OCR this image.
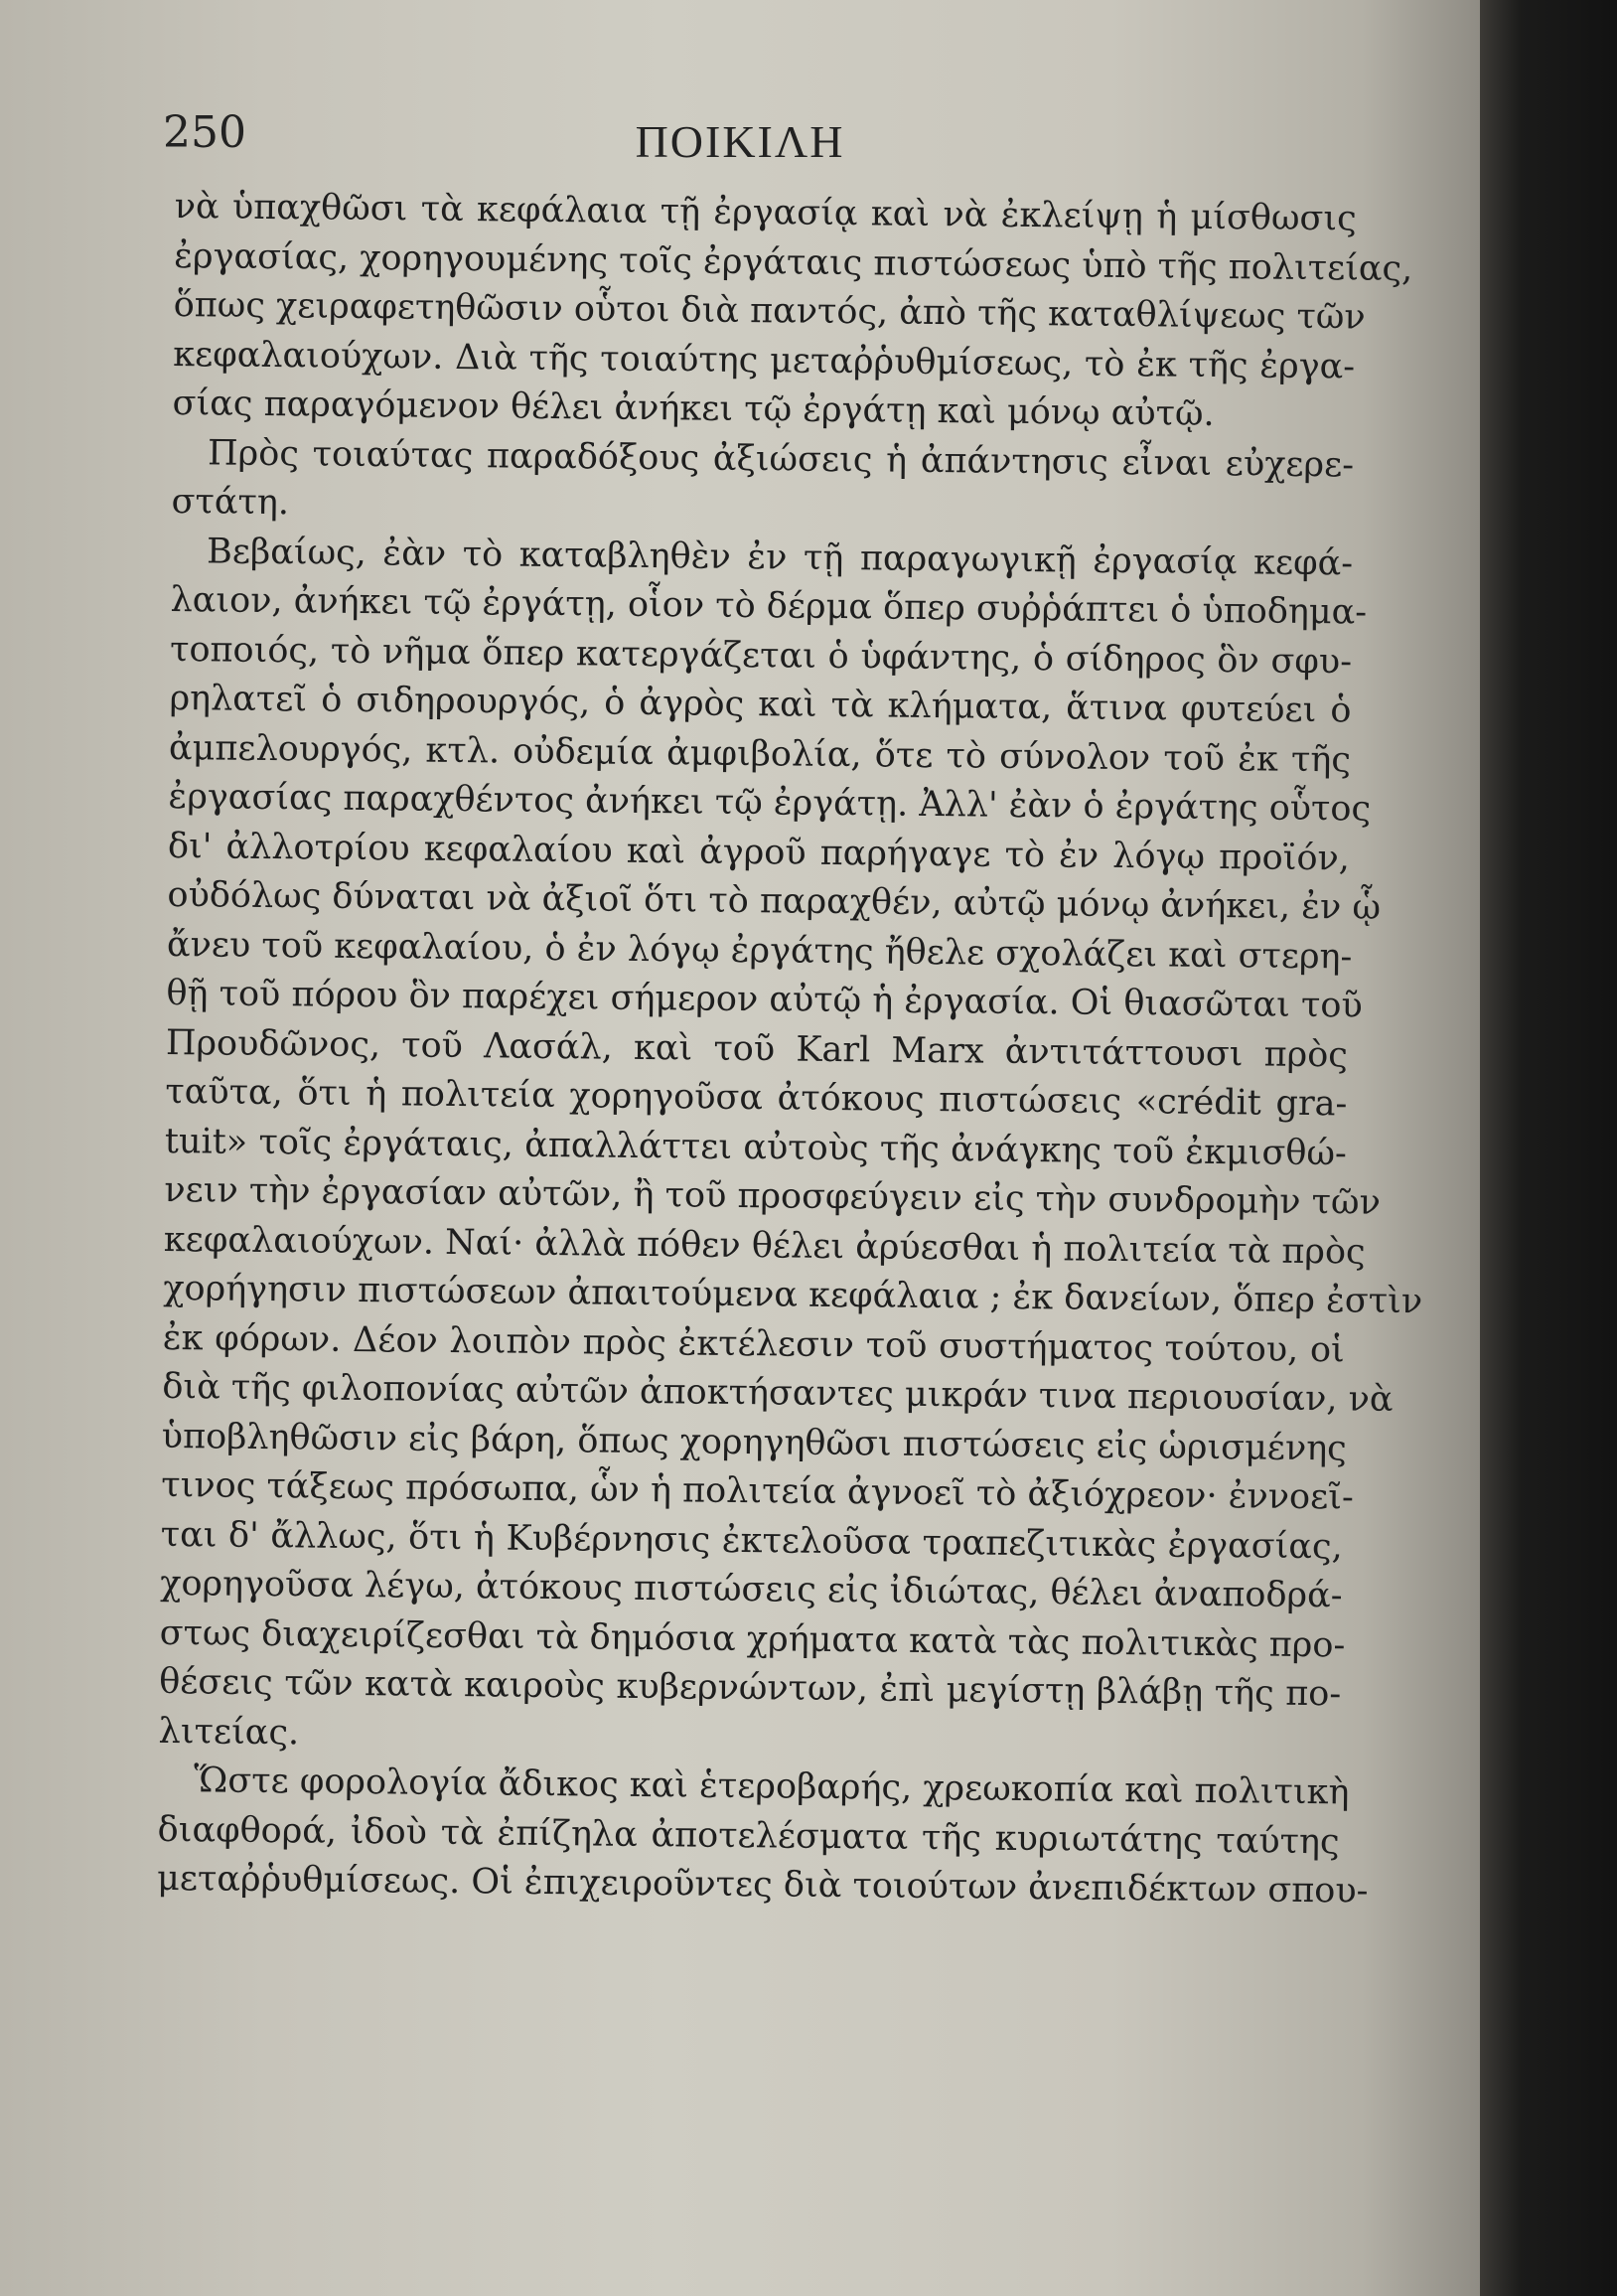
250	ΠΟΙΚΙΛΗ
νὰ ὑπαχθῶσι τὰ κεφάλαια τῇ ἐργασίᾳ καὶ νὰ ἐκλείψῃ ἡ μίσθωσις
ἐργασίας, χορηγουμένης τοῖς ἐργάταις πιστώσεως ὑπὸ τῆς πολιτείας,
ὅπως χειραφετηθῶσιν οὗτοι διὰ παντός, ἀπὸ τῆς καταθλίψεως τῶν
κεφαλαιούχων. Διὰ τῆς τοιαύτης μεταῤῥυθμίσεως, τὸ ἐκ τῆς ἐργα-
σίας παραγόμενον θέλει ἀνήκει τῷ ἐργάτῃ καὶ μόνῳ αὐτῷ.
Πρὸς τοιαύτας παραδόξους ἀξιώσεις ἡ ἀπάντησις εἶναι εὐχερε-
στάτη.
Βεβαίως, ἐὰν τὸ καταβληθὲν ἐν τῇ παραγωγικῇ ἐργασίᾳ κεφά-
λαιον, ἀνήκει τῷ ἐργάτῃ, οἷον τὸ δέρμα ὅπερ συῤῥάπτει ὁ ὑποδημα-
τοποιός, τὸ νῆμα ὅπερ κατεργάζεται ὁ ὑφάντης, ὁ σίδηρος ὃν σφυ-
ρηλατεῖ ὁ σιδηρουργός, ὁ ἀγρὸς καὶ τὰ κλήματα, ἅτινα φυτεύει ὁ
ἀμπελουργός, κτλ. οὐδεμία ἀμφιβολία, ὅτε τὸ σύνολον τοῦ ἐκ τῆς
ἐργασίας παραχθέντος ἀνήκει τῷ ἐργάτῃ. Ἀλλ' ἐὰν ὁ ἐργάτης οὗτος
δι' ἀλλοτρίου κεφαλαίου καὶ ἀγροῦ παρήγαγε τὸ ἐν λόγῳ προϊόν,
οὐδόλως δύναται νὰ ἀξιοῖ ὅτι τὸ παραχθέν, αὐτῷ μόνῳ ἀνήκει, ἐν ᾧ
ἄνευ τοῦ κεφαλαίου, ὁ ἐν λόγῳ ἐργάτης ἤθελε σχολάζει καὶ στερη-
θῇ τοῦ πόρου ὃν παρέχει σήμερον αὐτῷ ἡ ἐργασία. Οἱ θιασῶται τοῦ
Προυδῶνος, τοῦ Λασάλ, καὶ τοῦ Karl Marx ἀντιτάττουσι πρὸς
ταῦτα, ὅτι ἡ πολιτεία χορηγοῦσα ἀτόκους πιστώσεις «crédit gra-
tuit» τοῖς ἐργάταις, ἀπαλλάττει αὐτοὺς τῆς ἀνάγκης τοῦ ἐκμισθώ-
νειν τὴν ἐργασίαν αὐτῶν, ἢ τοῦ προσφεύγειν εἰς τὴν συνδρομὴν τῶν
κεφαλαιούχων. Ναί· ἀλλὰ πόθεν θέλει ἀρύεσθαι ἡ πολιτεία τὰ πρὸς
χορήγησιν πιστώσεων ἀπαιτούμενα κεφάλαια ; ἐκ δανείων, ὅπερ ἐστὶν
ἐκ φόρων. Δέον λοιπὸν πρὸς ἐκτέλεσιν τοῦ συστήματος τούτου, οἱ
διὰ τῆς φιλοπονίας αὐτῶν ἀποκτήσαντες μικράν τινα περιουσίαν, νὰ
ὑποβληθῶσιν εἰς βάρη, ὅπως χορηγηθῶσι πιστώσεις εἰς ὡρισμένης
τινος τάξεως πρόσωπα, ὧν ἡ πολιτεία ἀγνοεῖ τὸ ἀξιόχρεον· ἐννοεῖ-
ται δ' ἄλλως, ὅτι ἡ Κυβέρνησις ἐκτελοῦσα τραπεζιτικὰς ἐργασίας,
χορηγοῦσα λέγω, ἀτόκους πιστώσεις εἰς ἰδιώτας, θέλει ἀναποδρά-
στως διαχειρίζεσθαι τὰ δημόσια χρήματα κατὰ τὰς πολιτικὰς προ-
θέσεις τῶν κατὰ καιροὺς κυβερνώντων, ἐπὶ μεγίστῃ βλάβῃ τῆς πο-
λιτείας.
Ὥστε φορολογία ἄδικος καὶ ἑτεροβαρής, χρεωκοπία καὶ πολιτικὴ
διαφθορά, ἰδοὺ τὰ ἐπίζηλα ἀποτελέσματα τῆς κυριωτάτης ταύτης
μεταῤῥυθμίσεως. Οἱ ἐπιχειροῦντες διὰ τοιούτων ἀνεπιδέκτων σπου-
